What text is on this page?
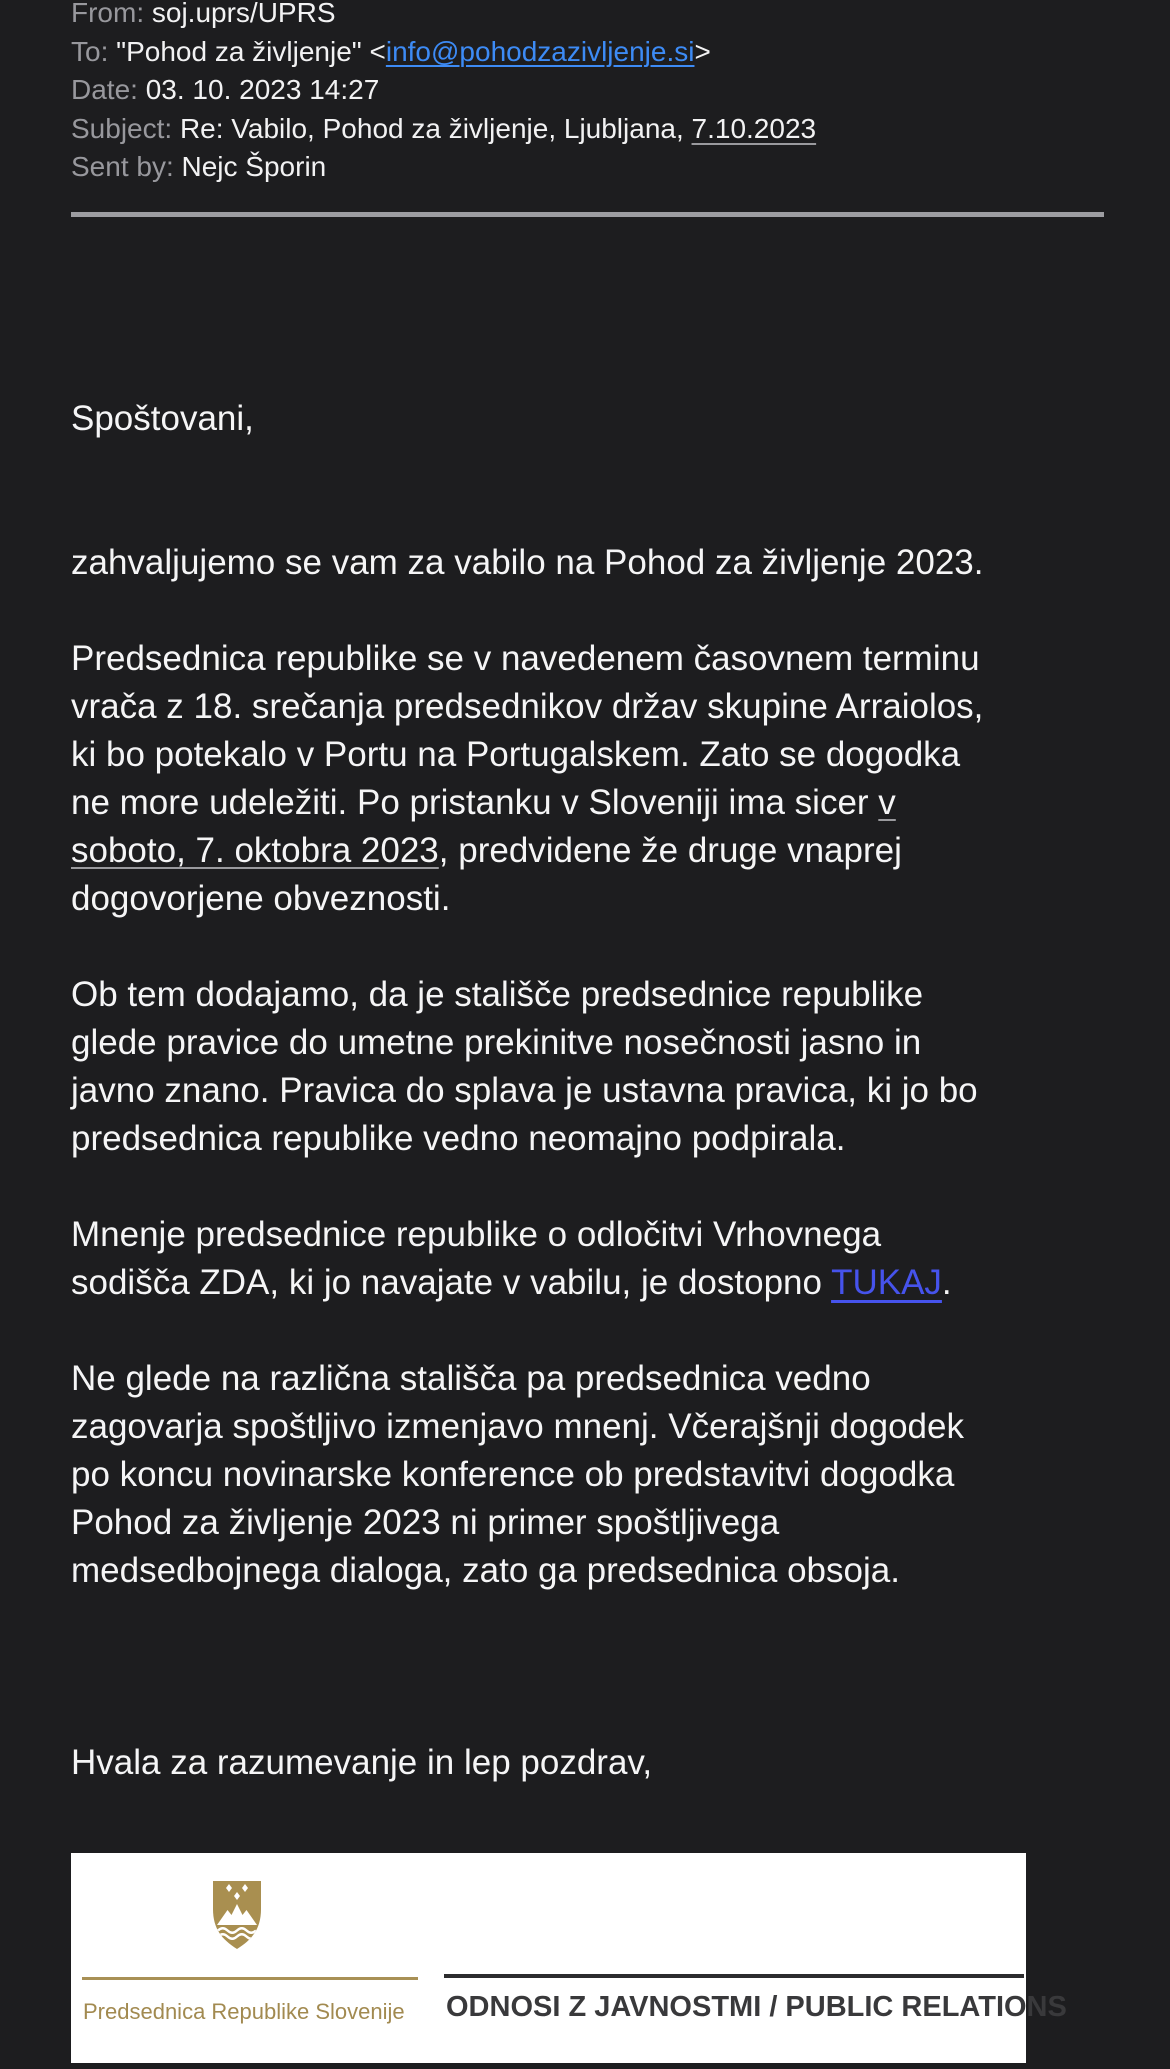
From: soj.uprs/UPRS
To: "Pohod za življenje" <info@pohodzazivljenje.si>
Date: 03. 10. 2023 14:27
Subject: Re: Vabilo, Pohod za življenje, Ljubljana, 7.10.2023
Sent by: Nejc Šporin
Spoštovani,
zahvaljujemo se vam za vabilo na Pohod za življenje 2023.
Predsednica republike se v navedenem časovnem terminu
vrača z 18. srečanja predsednikov držav skupine Arraiolos,
ki bo potekalo v Portu na Portugalskem. Zato se dogodka
ne more udeležiti. Po pristanku v Sloveniji ima sicer v
soboto, 7. oktobra 2023, predvidene že druge vnaprej
dogovorjene obveznosti.
Ob tem dodajamo, da je stališče predsednice republike
glede pravice do umetne prekinitve nosečnosti jasno in
javno znano. Pravica do splava je ustavna pravica, ki jo bo
predsednica republike vedno neomajno podpirala.
Mnenje predsednice republike o odločitvi Vrhovnega
sodišča ZDA, ki jo navajate v vabilu, je dostopno TUKAJ.
Ne glede na različna stališča pa predsednica vedno
zagovarja spoštljivo izmenjavo mnenj. Včerajšnji dogodek
po koncu novinarske konference ob predstavitvi dogodka
Pohod za življenje 2023 ni primer spoštljivega
medsedbojnega dialoga, zato ga predsednica obsoja.
Hvala za razumevanje in lep pozdrav,
Predsednica Republike Slovenije ODNOSI Z JAVNOSTMI / PUBLIC RELATIONS
